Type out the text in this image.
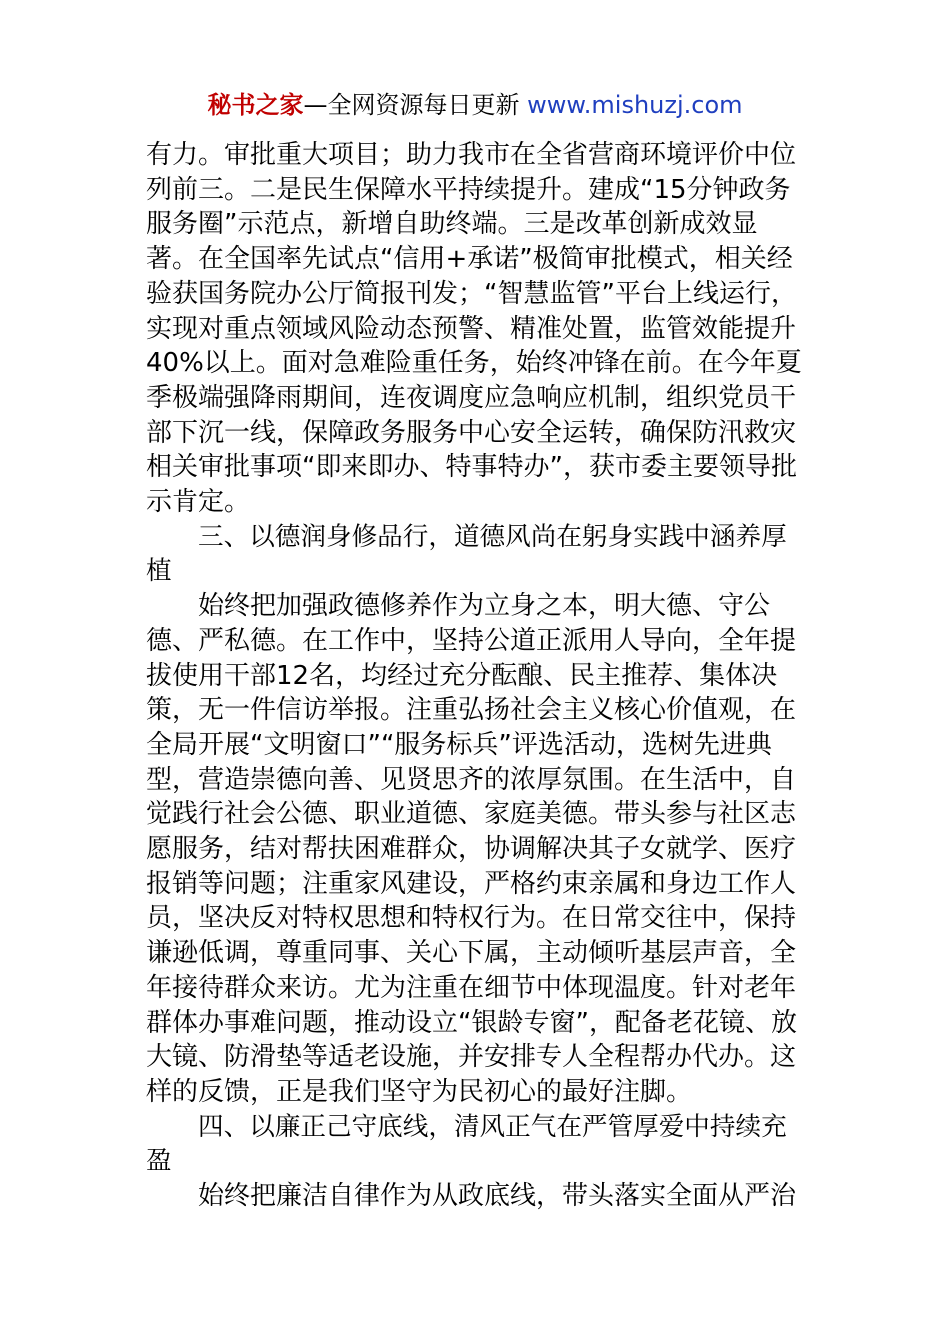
秘书之家—全网资源每日更新 www.mishuzj.com

有力。审批重大项目；助力我市在全省营商环境评价中位列前三。二是民生保障水平持续提升。建成“15分钟政务服务圈”示范点，新增自助终端。三是改革创新成效显著。在全国率先试点“信用+承诺”极简审批模式，相关经验获国务院办公厅简报刊发；“智慧监管”平台上线运行，实现对重点领域风险动态预警、精准处置，监管效能提升40%以上。面对急难险重任务，始终冲锋在前。在今年夏季极端强降雨期间，连夜调度应急响应机制，组织党员干部下沉一线，保障政务服务中心安全运转，确保防汛救灾相关审批事项“即来即办、特事特办”，获市委主要领导批示肯定。

三、以德润身修品行，道德风尚在躬身实践中涵养厚植

始终把加强政德修养作为立身之本，明大德、守公德、严私德。在工作中，坚持公道正派用人导向，全年提拔使用干部12名，均经过充分酝酿、民主推荐、集体决策，无一件信访举报。注重弘扬社会主义核心价值观，在全局开展“文明窗口”“服务标兵”评选活动，选树先进典型，营造崇德向善、见贤思齐的浓厚氛围。在生活中，自觉践行社会公德、职业道德、家庭美德。带头参与社区志愿服务，结对帮扶困难群众，协调解决其子女就学、医疗报销等问题；注重家风建设，严格约束亲属和身边工作人员，坚决反对特权思想和特权行为。在日常交往中，保持谦逊低调，尊重同事、关心下属，主动倾听基层声音，全年接待群众来访。尤为注重在细节中体现温度。针对老年群体办事难问题，推动设立“银龄专窗”，配备老花镜、放大镜、防滑垫等适老设施，并安排专人全程帮办代办。这样的反馈，正是我们坚守为民初心的最好注脚。

四、以廉正己守底线，清风正气在严管厚爱中持续充盈

始终把廉洁自律作为从政底线，带头落实全面从严治
